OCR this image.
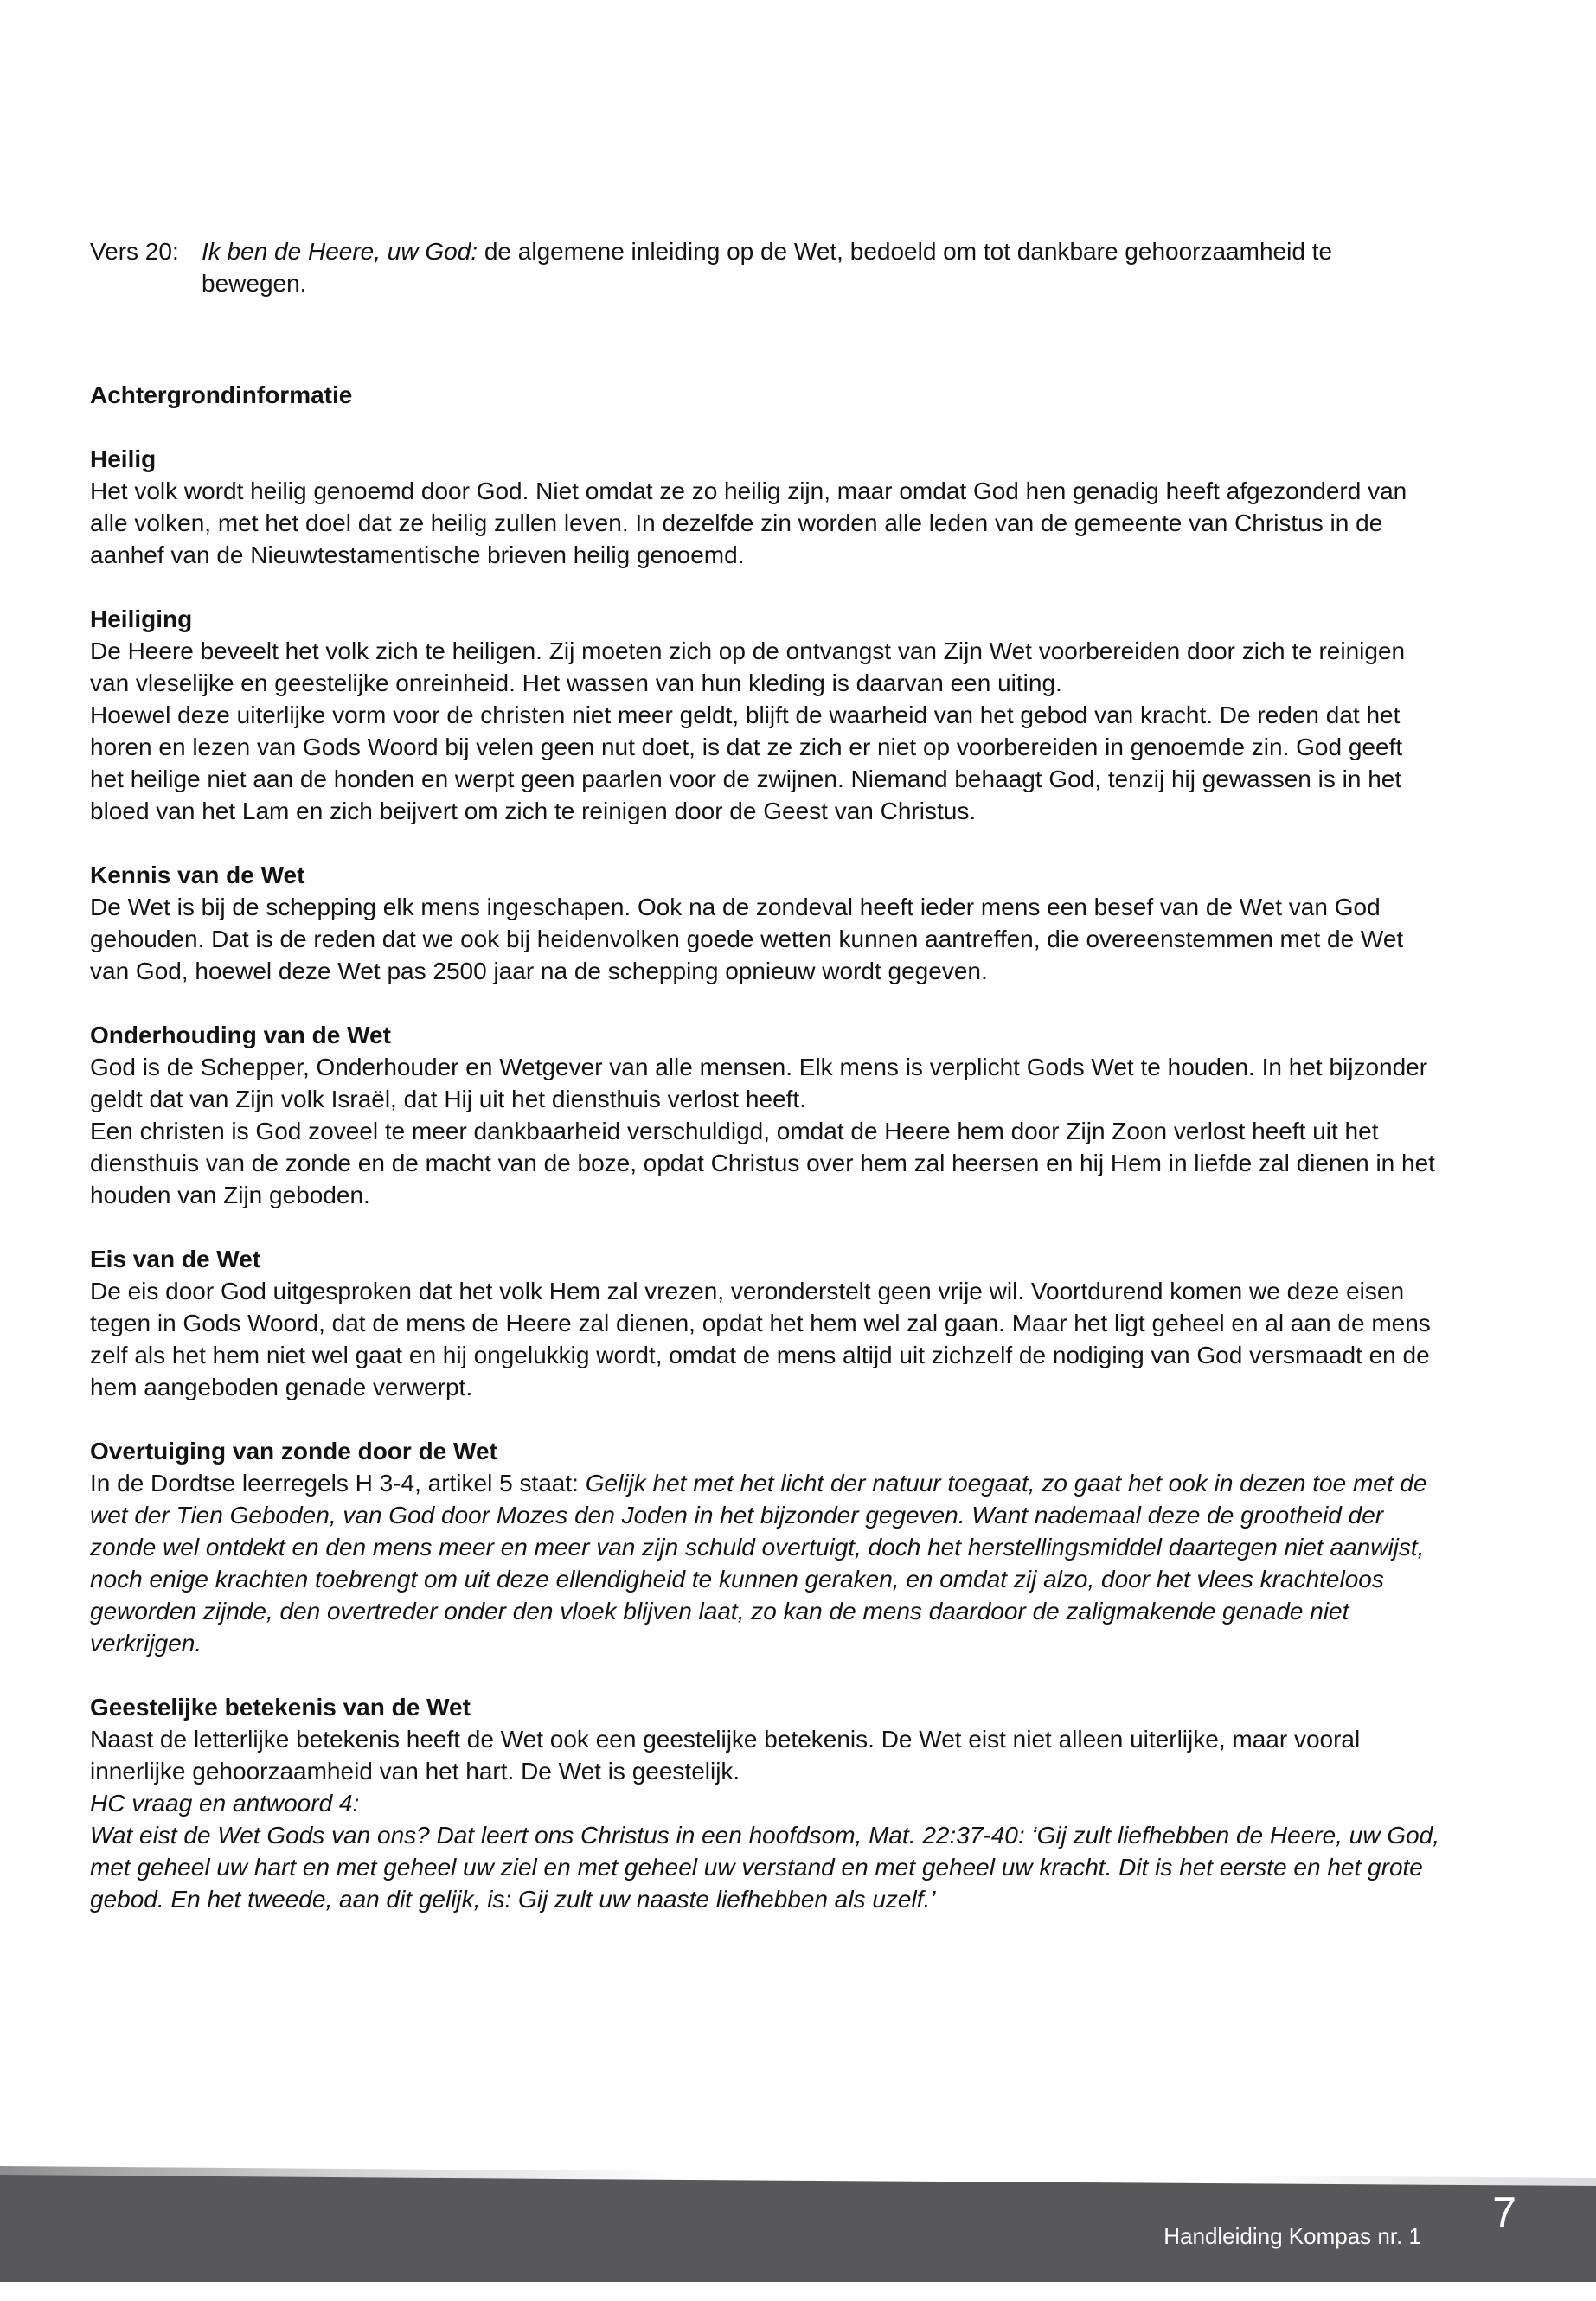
Vers 20: Ik ben de Heere, uw God: de algemene inleiding op de Wet, bedoeld om tot dankbare gehoorzaamheid te bewegen.

Achtergrondinformatie

Heilig

Het volk wordt heilig genoemd door God. Niet omdat ze zo heilig zijn, maar omdat God hen genadig heeft afgezonderd van alle volken, met het doel dat ze heilig zullen leven. In dezelfde zin worden alle leden van de gemeente van Christus in de aanhef van de Nieuwtestamentische brieven heilig genoemd.

Heiliging

De Heere beveelt het volk zich te heiligen. Zij moeten zich op de ontvangst van Zijn Wet voorbereiden door zich te reinigen van vleselijke en geestelijke onreinheid. Het wassen van hun kleding is daarvan een uiting.

Hoewel deze uiterlijke vorm voor de christen niet meer geldt, blijft de waarheid van het gebod van kracht. De reden dat het horen en lezen van Gods Woord bij velen geen nut doet, is dat ze zich er niet op voorbereiden in genoemde zin. God geeft het heilige niet aan de honden en werpt geen paarlen voor de zwijnen. Niemand behaagt God, tenzij hij gewassen is in het bloed van het Lam en zich beijvert om zich te reinigen door de Geest van Christus.

Kennis van de Wet

De Wet is bij de schepping elk mens ingeschapen. Ook na de zondeval heeft ieder mens een besef van de Wet van God gehouden. Dat is de reden dat we ook bij heidenvolken goede wetten kunnen aantreffen, die overeenstemmen met de Wet van God, hoewel deze Wet pas 2500 jaar na de schepping opnieuw wordt gegeven.

Onderhouding van de Wet

God is de Schepper, Onderhouder en Wetgever van alle mensen. Elk mens is verplicht Gods Wet te houden. In het bijzonder geldt dat van Zijn volk Israël, dat Hij uit het diensthuis verlost heeft.

Een christen is God zoveel te meer dankbaarheid verschuldigd, omdat de Heere hem door Zijn Zoon verlost heeft uit het diensthuis van de zonde en de macht van de boze, opdat Christus over hem zal heersen en hij Hem in liefde zal dienen in het houden van Zijn geboden.

Eis van de Wet

De eis door God uitgesproken dat het volk Hem zal vrezen, veronderstelt geen vrije wil. Voortdurend komen we deze eisen tegen in Gods Woord, dat de mens de Heere zal dienen, opdat het hem wel zal gaan. Maar het ligt geheel en al aan de mens zelf als het hem niet wel gaat en hij ongelukkig wordt, omdat de mens altijd uit zichzelf de nodiging van God versmaadt en de hem aangeboden genade verwerpt.

Overtuiging van zonde door de Wet

In de Dordtse leerregels H 3-4, artikel 5 staat: Gelijk het met het licht der natuur toegaat, zo gaat het ook in dezen toe met de wet der Tien Geboden, van God door Mozes den Joden in het bijzonder gegeven. Want nademaal deze de grootheid der zonde wel ontdekt en den mens meer en meer van zijn schuld overtuigt, doch het herstellingsmiddel daartegen niet aanwijst, noch enige krachten toebrengt om uit deze ellendigheid te kunnen geraken, en omdat zij alzo, door het vlees krachteloos geworden zijnde, den overtreder onder den vloek blijven laat, zo kan de mens daardoor de zaligmakende genade niet verkrijgen.

Geestelijke betekenis van de Wet

Naast de letterlijke betekenis heeft de Wet ook een geestelijke betekenis. De Wet eist niet alleen uiterlijke, maar vooral innerlijke gehoorzaamheid van het hart. De Wet is geestelijk.

HC vraag en antwoord 4:

Wat eist de Wet Gods van ons? Dat leert ons Christus in een hoofdsom, Mat. 22:37-40: ‘Gij zult liefhebben de Heere, uw God, met geheel uw hart en met geheel uw ziel en met geheel uw verstand en met geheel uw kracht. Dit is het eerste en het grote gebod. En het tweede, aan dit gelijk, is: Gij zult uw naaste liefhebben als uzelf.’

Handleiding Kompas nr. 1 7
